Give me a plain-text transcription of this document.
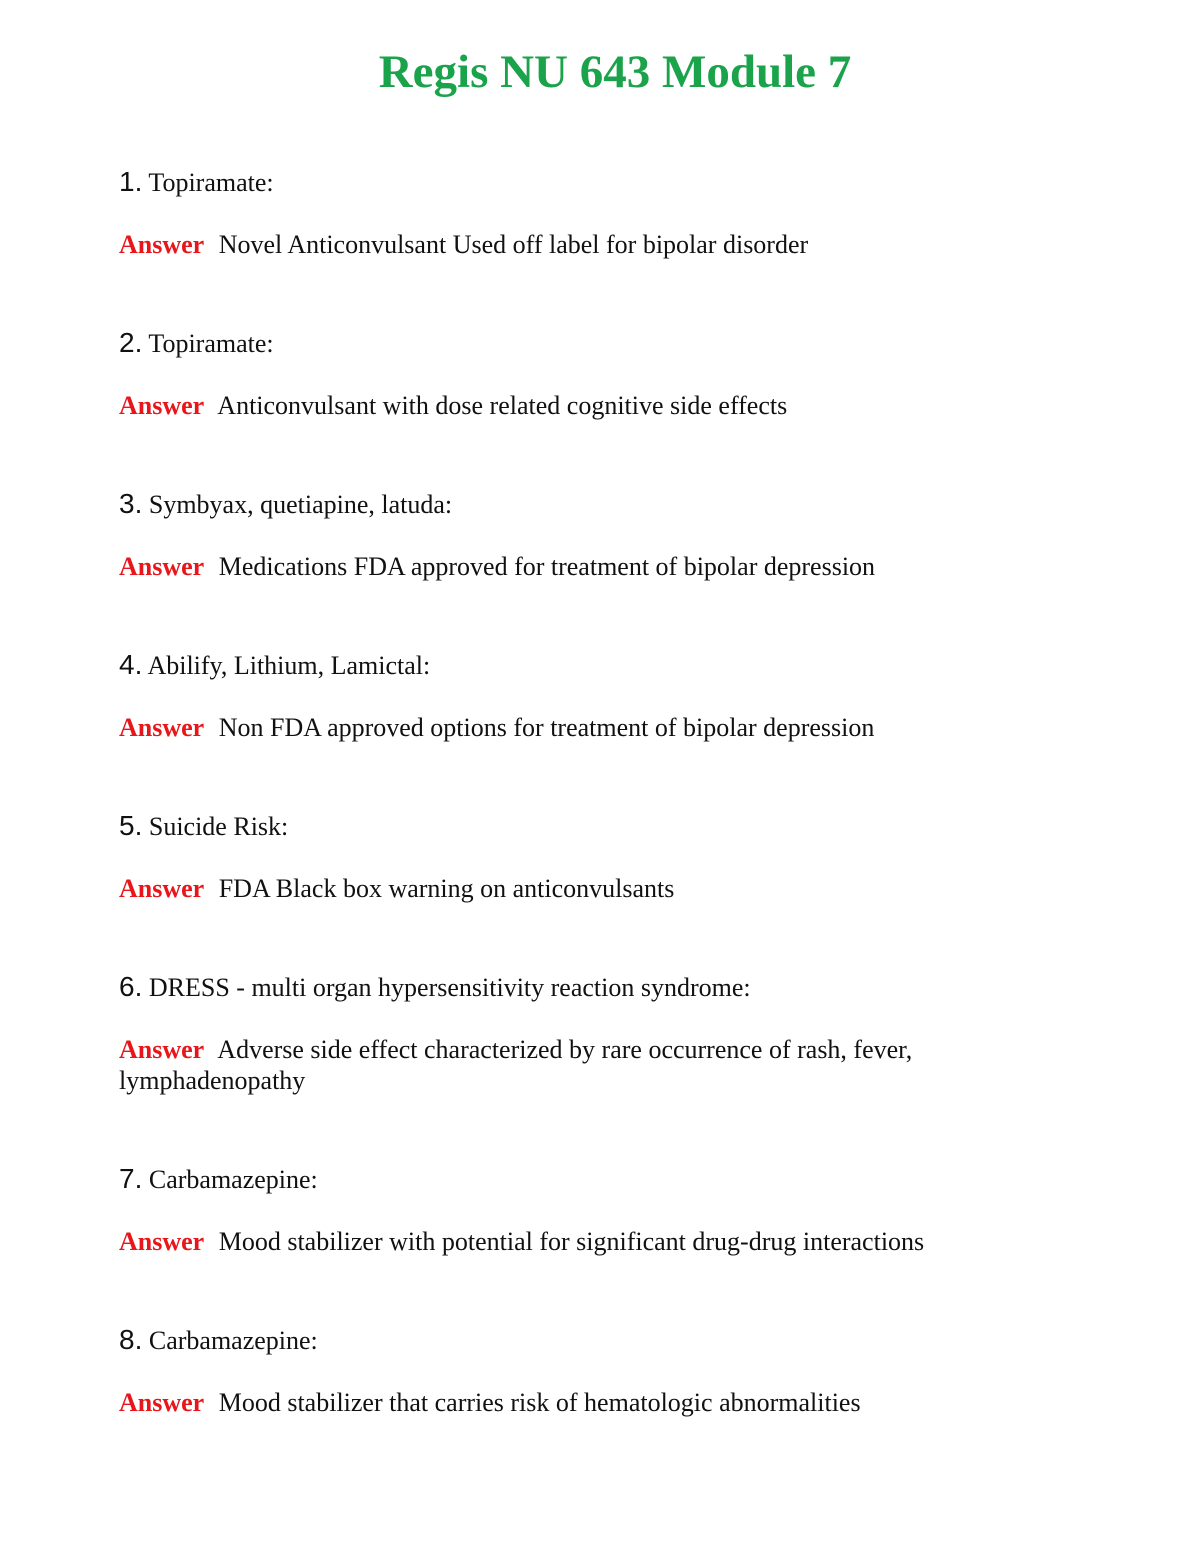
Regis NU 643 Module 7

1. Topiramate:

Answer Novel Anticonvulsant Used off label for bipolar disorder

2. Topiramate:

Answer Anticonvulsant with dose related cognitive side effects

3. Symbyax, quetiapine, latuda:

Answer Medications FDA approved for treatment of bipolar depression

4. Abilify, Lithium, Lamictal:

Answer Non FDA approved options for treatment of bipolar depression

5. Suicide Risk:

Answer FDA Black box warning on anticonvulsants

6. DRESS - multi organ hypersensitivity reaction syndrome:

Answer Adverse side effect characterized by rare occurrence of rash, fever, lymphadenopathy

7. Carbamazepine:

Answer Mood stabilizer with potential for significant drug-drug interactions

8. Carbamazepine:

Answer Mood stabilizer that carries risk of hematologic abnormalities
